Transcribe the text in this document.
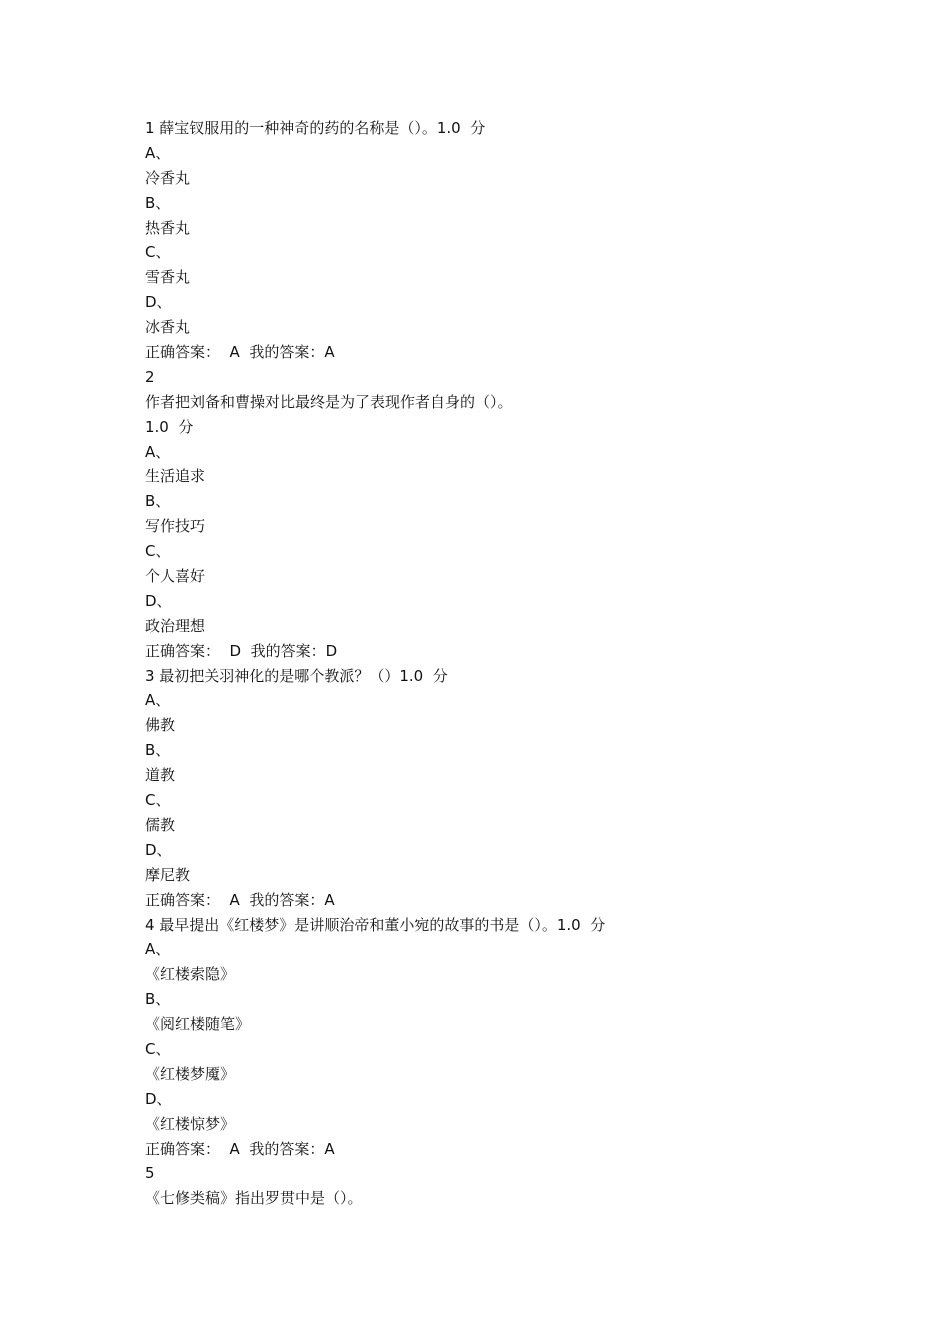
1 薛宝钗服用的一种神奇的药的名称是（）。1.0  分
A、
冷香丸
B、
热香丸
C、
雪香丸
D、
冰香丸
正确答案：  A  我的答案：A
2
作者把刘备和曹操对比最终是为了表现作者自身的（）。
1.0  分
A、
生活追求
B、
写作技巧
C、
个人喜好
D、
政治理想
正确答案：  D  我的答案：D
3 最初把关羽神化的是哪个教派？（）1.0  分
A、
佛教
B、
道教
C、
儒教
D、
摩尼教
正确答案：  A  我的答案：A
4 最早提出《红楼梦》是讲顺治帝和董小宛的故事的书是（）。1.0  分
A、
《红楼索隐》
B、
《阅红楼随笔》
C、
《红楼梦魇》
D、
《红楼惊梦》
正确答案：  A  我的答案：A
5
《七修类稿》指出罗贯中是（）。
